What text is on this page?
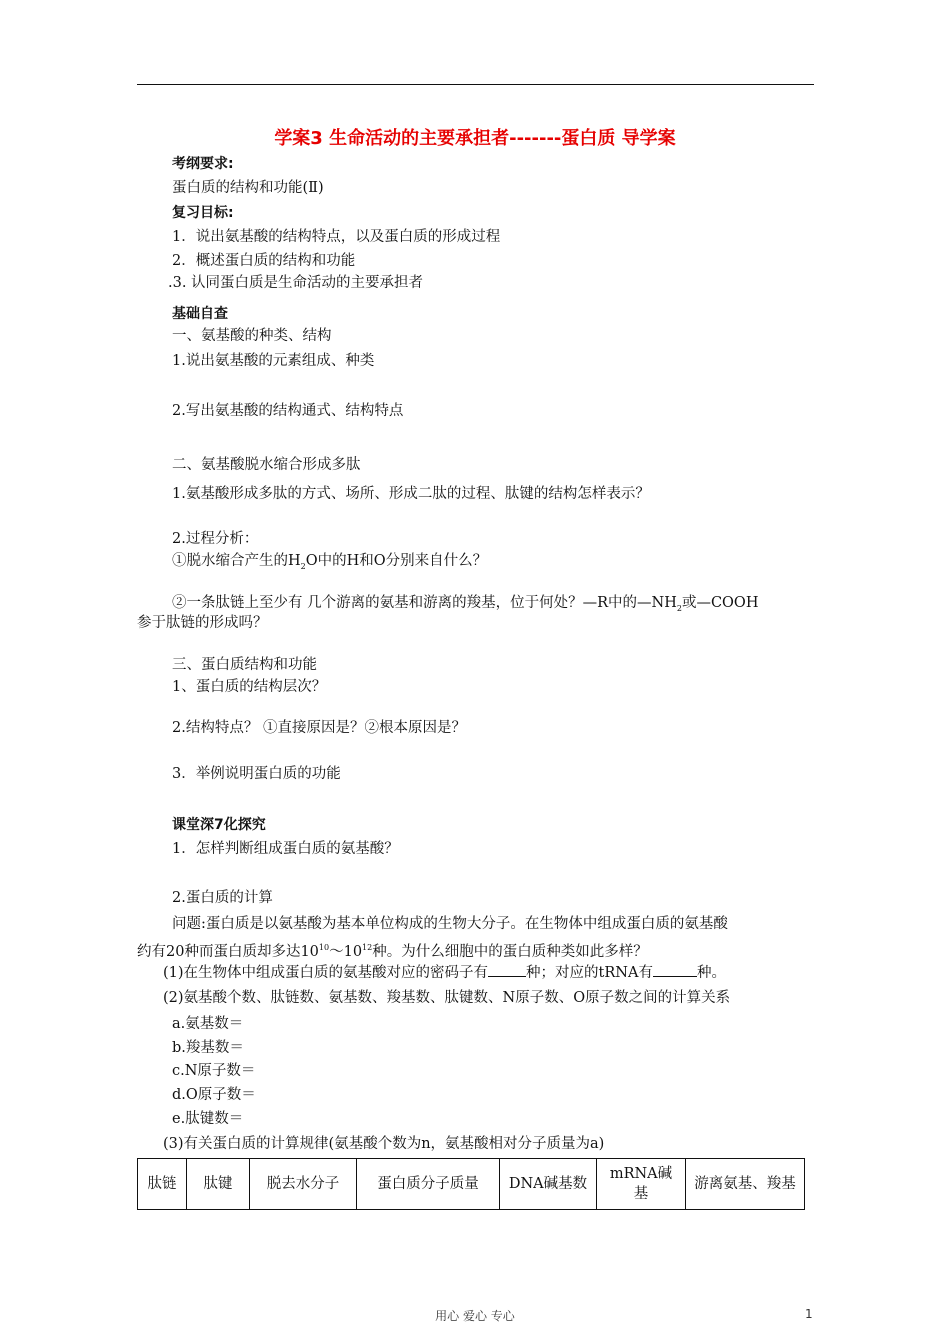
学案3 生命活动的主要承担者-------蛋白质 导学案
考纲要求:
蛋白质的结构和功能(Ⅱ)
复习目标:
1．说出氨基酸的结构特点，以及蛋白质的形成过程
2．概述蛋白质的结构和功能
.3. 认同蛋白质是生命活动的主要承担者
基础自查
一、氨基酸的种类、结构
1.说出氨基酸的元素组成、种类
2.写出氨基酸的结构通式、结构特点
二、氨基酸脱水缩合形成多肽
1.氨基酸形成多肽的方式、场所、形成二肽的过程、肽键的结构怎样表示？
2.过程分析：
①脱水缩合产生的$H_2O$中的H和O分别来自什么？
②一条肽链上至少有 几个游离的氨基和游离的羧基，位于何处？—R中的$—NH_2$或—COOH
参于肽链的形成吗？
三、蛋白质结构和功能
1、蛋白质的结构层次？
2.结构特点？ ①直接原因是？②根本原因是？
3．举例说明蛋白质的功能
课堂深7化探究
1．怎样判断组成蛋白质的氨基酸？
2.蛋白质的计算
问题:蛋白质是以氨基酸为基本单位构成的生物大分子。在生物体中组成蛋白质的氨基酸
约有20种而蛋白质却多达$10^{10}\sim 10^{12}$种。为什么细胞中的蛋白质种类如此多样？
(1)在生物体中组成蛋白质的氨基酸对应的密码子有	种；对应的tRNA有	种。
(2)氨基酸个数、肽链数、氨基数、羧基数、肽键数、N原子数、O原子数之间的计算关系
a.氨基数＝
b.羧基数＝
c.N原子数＝
d.O原子数＝
e.肽键数＝
(3)有关蛋白质的计算规律(氨基酸个数为n，氨基酸相对分子质量为a)
肽链	肽键	脱去水分子	蛋白质分子质量	DNA碱基数	mRNA碱基	游离氨基、羧基
用心 爱心 专心	1
